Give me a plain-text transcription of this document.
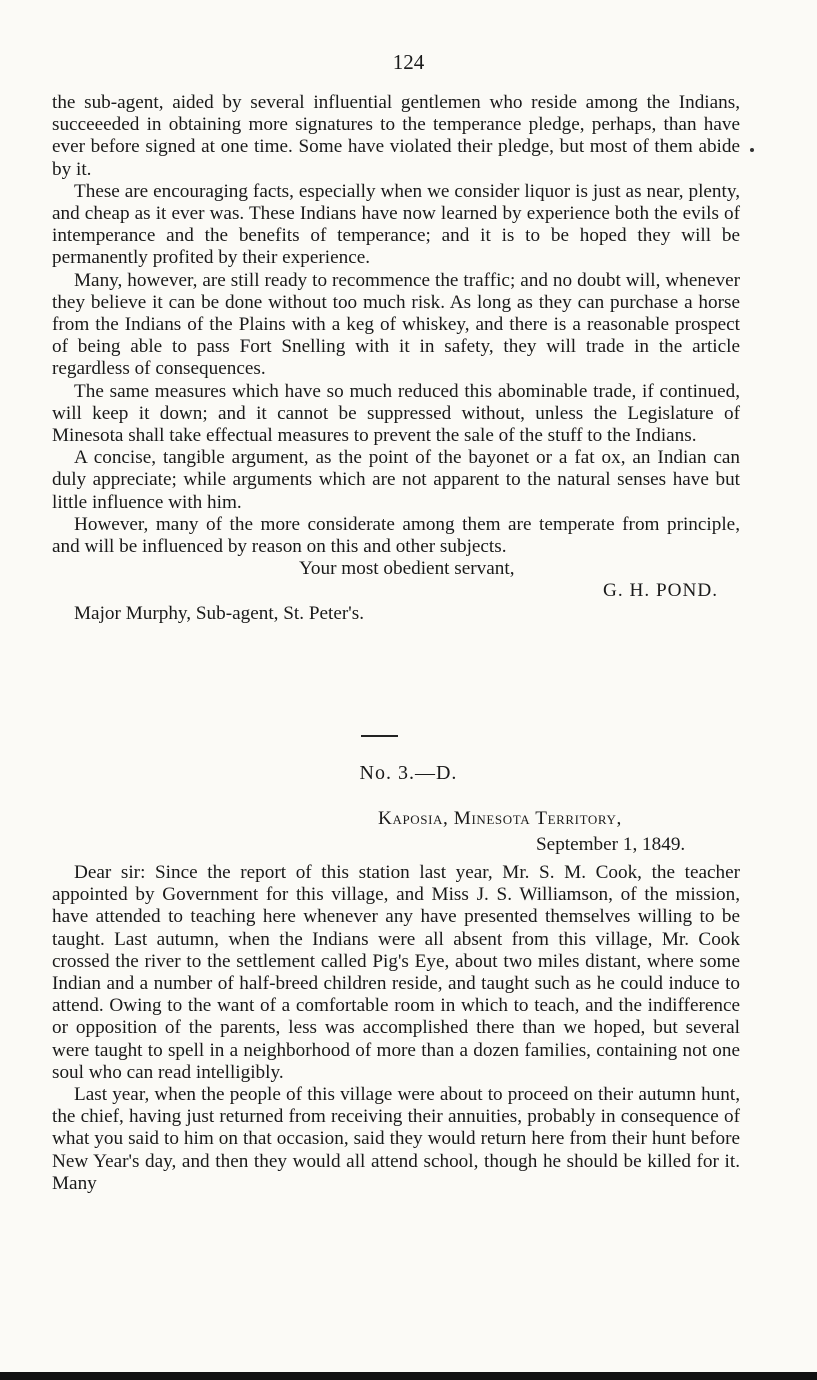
124

the sub-agent, aided by several influential gentlemen who reside among the Indians, succeeeded in obtaining more signatures to the temperance pledge, perhaps, than have ever before signed at one time. Some have violated their pledge, but most of them abide by it.

These are encouraging facts, especially when we consider liquor is just as near, plenty, and cheap as it ever was. These Indians have now learned by experience both the evils of intemperance and the benefits of temperance; and it is to be hoped they will be permanently profited by their experience.

Many, however, are still ready to recommence the traffic; and no doubt will, whenever they believe it can be done without too much risk. As long as they can purchase a horse from the Indians of the Plains with a keg of whiskey, and there is a reasonable prospect of being able to pass Fort Snelling with it in safety, they will trade in the article regardless of consequences.

The same measures which have so much reduced this abominable trade, if continued, will keep it down; and it cannot be suppressed without, unless the Legislature of Minesota shall take effectual measures to prevent the sale of the stuff to the Indians.

A concise, tangible argument, as the point of the bayonet or a fat ox, an Indian can duly appreciate; while arguments which are not apparent to the natural senses have but little influence with him.

However, many of the more considerate among them are temperate from principle, and will be influenced by reason on this and other subjects.

Your most obedient servant,

G. H. POND.

Major Murphy, Sub-agent, St. Peter's.

No. 3.—D.
Kaposia, Minesota Territory,
September 1, 1849.

Dear sir: Since the report of this station last year, Mr. S. M. Cook, the teacher appointed by Government for this village, and Miss J. S. Williamson, of the mission, have attended to teaching here whenever any have presented themselves willing to be taught. Last autumn, when the Indians were all absent from this village, Mr. Cook crossed the river to the settlement called Pig's Eye, about two miles distant, where some Indian and a number of half-breed children reside, and taught such as he could induce to attend. Owing to the want of a comfortable room in which to teach, and the indifference or opposition of the parents, less was accomplished there than we hoped, but several were taught to spell in a neighborhood of more than a dozen families, containing not one soul who can read intelligibly.

Last year, when the people of this village were about to proceed on their autumn hunt, the chief, having just returned from receiving their annuities, probably in consequence of what you said to him on that occasion, said they would return here from their hunt before New Year's day, and then they would all attend school, though he should be killed for it. Many
